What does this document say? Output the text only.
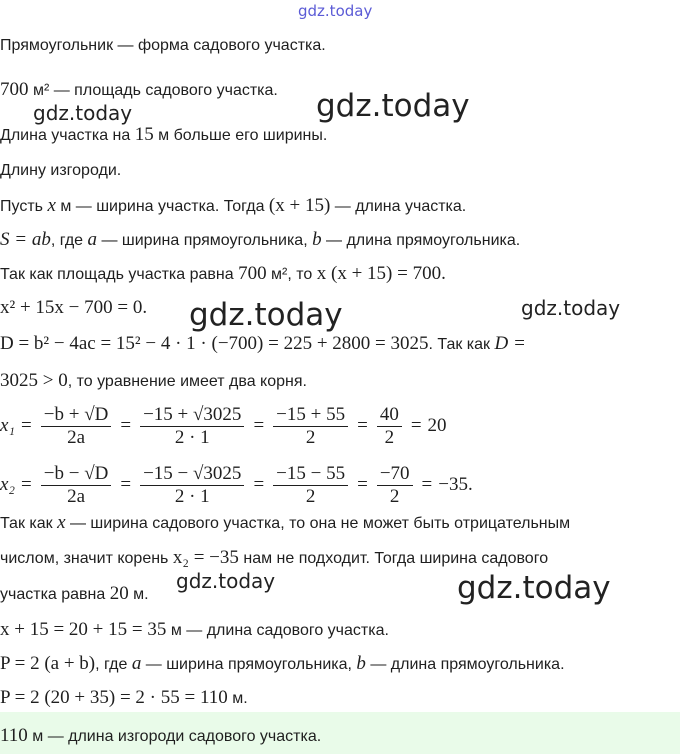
gdz.today
gdz.today	gdz.today
gdz.today
gdz.today
gdz.today	gdz.today
Прямоугольник — форма садового участка.
700 м² — площадь садового участка.
Длина участка на 15 м больше его ширины.
Длину изгороди.
Пусть x м — ширина участка. Тогда (x + 15) — длина участка.
S = ab, где a — ширина прямоугольника, b — длина прямоугольника.
Так как площадь участка равна 700 м², то x (x + 15) = 700.
x² + 15x − 700 = 0.
D = b² − 4ac = 15² − 4 · 1 · (−700) = 225 + 2800 = 3025. Так как D =
3025 > 0, то уравнение имеет два корня.
$x_1 = \frac{-b + √D}{2a} = \frac{-15 + √3025}{2 \cdot 1} = \frac{-15 + 55}{2} = \frac{40}{2} = 20$
$x_2 = \frac{-b - √D}{2a} = \frac{-15 - √3025}{2 \cdot 1} = \frac{-15 - 55}{2} = \frac{-70}{2} = -35$.
Так как x — ширина садового участка, то она не может быть отрицательным
числом, значит корень x₂ = −35 нам не подходит. Тогда ширина садового
участка равна 20 м.
x + 15 = 20 + 15 = 35 м — длина садового участка.
P = 2 (a + b), где a — ширина прямоугольника, b — длина прямоугольника.
P = 2 (20 + 35) = 2 · 55 = 110 м.
110 м — длина изгороди садового участка.
